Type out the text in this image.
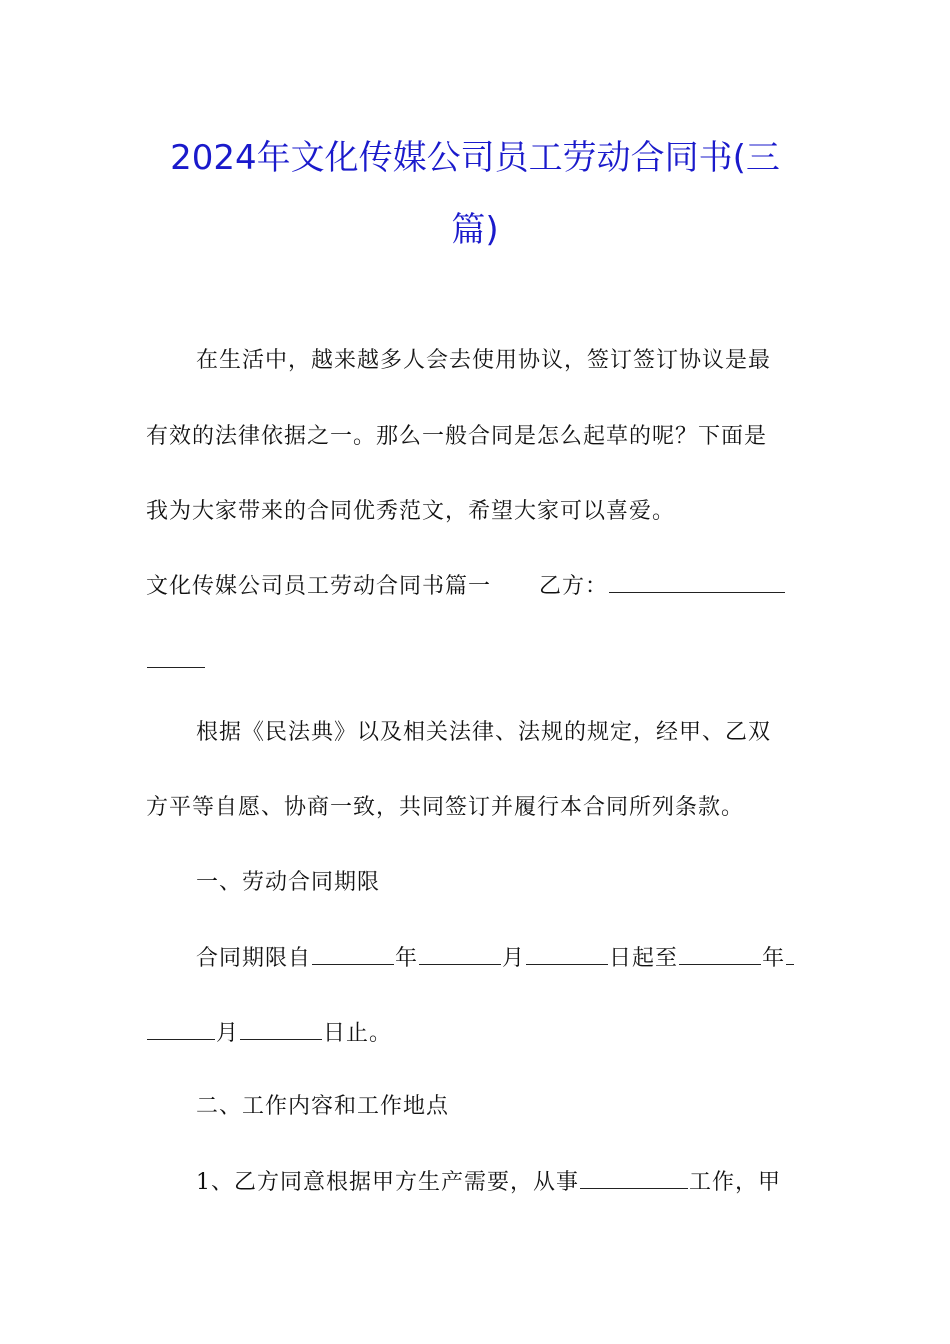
2024年文化传媒公司员工劳动合同书(三
篇)
在生活中，越来越多人会去使用协议，签订签订协议是最
有效的法律依据之一。那么一般合同是怎么起草的呢？下面是
我为大家带来的合同优秀范文，希望大家可以喜爱。
文化传媒公司员工劳动合同书篇一 乙方：
根据《民法典》以及相关法律、法规的规定，经甲、乙双
方平等自愿、协商一致，共同签订并履行本合同所列条款。
一、劳动合同期限
合同期限自	年	月	日起至	年
月	日止。
二、工作内容和工作地点
1、乙方同意根据甲方生产需要，从事	工作，甲
